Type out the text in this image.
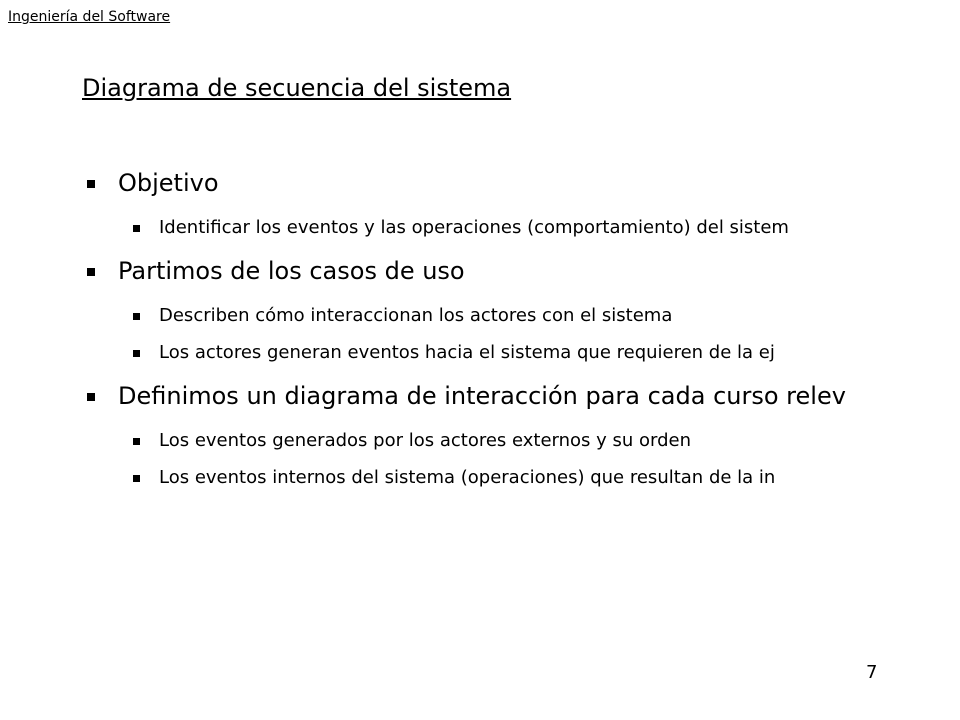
Ingeniería del Software
Diagrama de secuencia del sistema
Objetivo
Identificar los eventos y las operaciones (comportamiento) del sistem
Partimos de los casos de uso
Describen cómo interaccionan los actores con el sistema
Los actores generan eventos hacia el sistema que requieren de la ej
Definimos un diagrama de interacción para cada curso relev
Los eventos generados por los actores externos y su orden
Los eventos internos del sistema (operaciones) que resultan de la in
7
